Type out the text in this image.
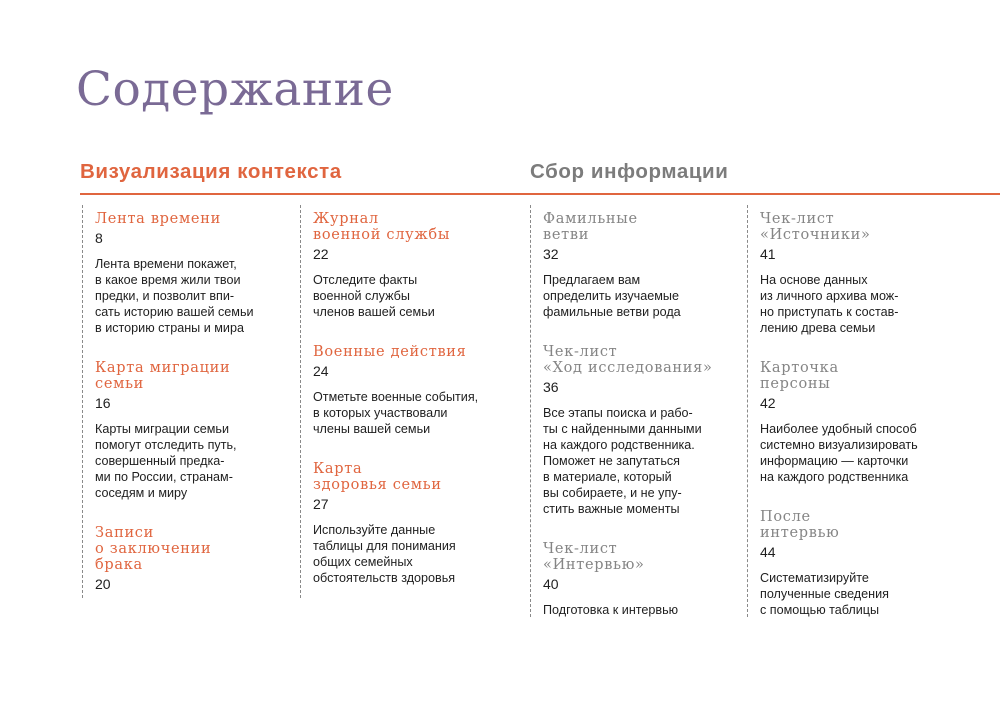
Содержание
Визуализация контекста	Сбор информации
Лента времени
8
Лента времени покажет,
в какое время жили твои
предки, и позволит впи-
сать историю вашей семьи
в историю страны и мира
Карта миграции
семьи
16
Карты миграции семьи
помогут отследить путь,
совершенный предка-
ми по России, странам-
соседям и миру
Записи
о заключении
брака
20
Журнал
военной службы
22
Отследите факты
военной службы
членов вашей семьи
Военные действия
24
Отметьте военные события,
в которых участвовали
члены вашей семьи
Карта
здоровья семьи
27
Используйте данные
таблицы для понимания
общих семейных
обстоятельств здоровья
Фамильные
ветви
32
Предлагаем вам
определить изучаемые
фамильные ветви рода
Чек-лист
«Ход исследования»
36
Все этапы поиска и рабо-
ты с найденными данными
на каждого родственника.
Поможет не запутаться
в материале, который
вы собираете, и не упу-
стить важные моменты
Чек-лист
«Интервью»
40
Подготовка к интервью
Чек-лист
«Источники»
41
На основе данных
из личного архива мож-
но приступать к состав-
лению древа семьи
Карточка
персоны
42
Наиболее удобный способ
системно визуализировать
информацию — карточки
на каждого родственника
После
интервью
44
Систематизируйте
полученные сведения
с помощью таблицы
